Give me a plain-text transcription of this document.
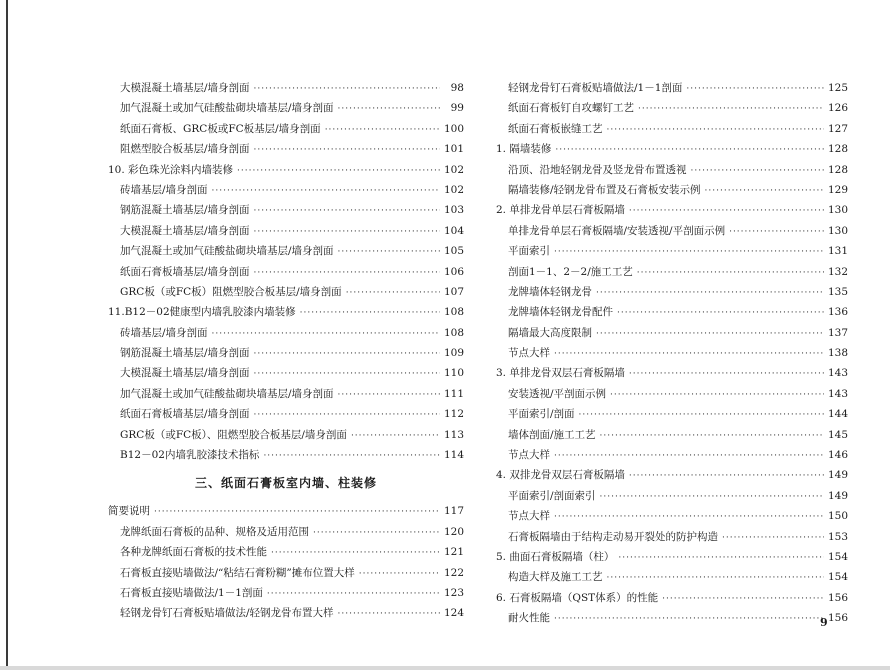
大模混凝土墙基层/墙身剖面 ·····	98
加气混凝土或加气硅酸盐砌块墙基层/墙身剖面 ·····	99
纸面石膏板、GRC板或FC板基层/墙身剖面 ·····	100
阻燃型胶合板基层/墙身剖面 ·····	101
10. 彩色珠光涂料内墙装修 ·····	102
砖墙基层/墙身剖面 ·····	102
钢筋混凝土墙基层/墙身剖面 ·····	103
大模混凝土墙基层/墙身剖面 ·····	104
加气混凝土或加气硅酸盐砌块墙基层/墙身剖面 ·····	105
纸面石膏板墙基层/墙身剖面 ·····	106
GRC板（或FC板）阻燃型胶合板基层/墙身剖面 ·····	107
11.B12－02健康型内墙乳胶漆内墙装修 ·····	108
砖墙基层/墙身剖面 ·····	108
钢筋混凝土墙基层/墙身剖面 ·····	109
大模混凝土墙基层/墙身剖面 ·····	110
加气混凝土或加气硅酸盐砌块墙基层/墙身剖面 ·····	111
纸面石膏板墙基层/墙身剖面 ·····	112
GRC板（或FC板）、阻燃型胶合板基层/墙身剖面 ·····	113
B12－02内墙乳胶漆技术指标 ·····	114
三、纸面石膏板室内墙、柱装修
简要说明 ·····	117
龙牌纸面石膏板的品种、规格及适用范围 ·····	120
各种龙牌纸面石膏板的技术性能 ·····	121
石膏板直接贴墙做法/“粘结石膏粉糊”摊布位置大样 ·····	122
石膏板直接贴墙做法/1－1剖面 ·····	123
轻钢龙骨钉石膏板贴墙做法/轻钢龙骨布置大样 ·····	124
轻钢龙骨钉石膏板贴墙做法/1－1剖面 ·····	125
纸面石膏板钉自攻螺钉工艺 ·····	126
纸面石膏板嵌缝工艺 ·····	127
1. 隔墙装修 ·····	128
沿顶、沿地轻钢龙骨及竖龙骨布置透视 ·····	128
隔墙装修/轻钢龙骨布置及石膏板安装示例 ·····	129
2. 单排龙骨单层石膏板隔墙 ·····	130
单排龙骨单层石膏板隔墙/安装透视/平剖面示例 ·····	130
平面索引 ·····	131
剖面1－1、2－2/施工工艺 ·····	132
龙牌墙体轻钢龙骨 ·····	135
龙牌墙体轻钢龙骨配件 ·····	136
隔墙最大高度限制 ·····	137
节点大样 ·····	138
3. 单排龙骨双层石膏板隔墙 ·····	143
安装透视/平剖面示例 ·····	143
平面索引/剖面 ·····	144
墙体剖面/施工工艺 ·····	145
节点大样 ·····	146
4. 双排龙骨双层石膏板隔墙 ·····	149
平面索引/剖面索引 ·····	149
节点大样 ·····	150
石膏板隔墙由于结构走动易开裂处的防护构造 ·····	153
5. 曲面石膏板隔墙（柱） ·····	154
构造大样及施工工艺 ·····	154
6. 石膏板隔墙（QST体系）的性能 ·····	156
耐火性能 ·····	156
9
